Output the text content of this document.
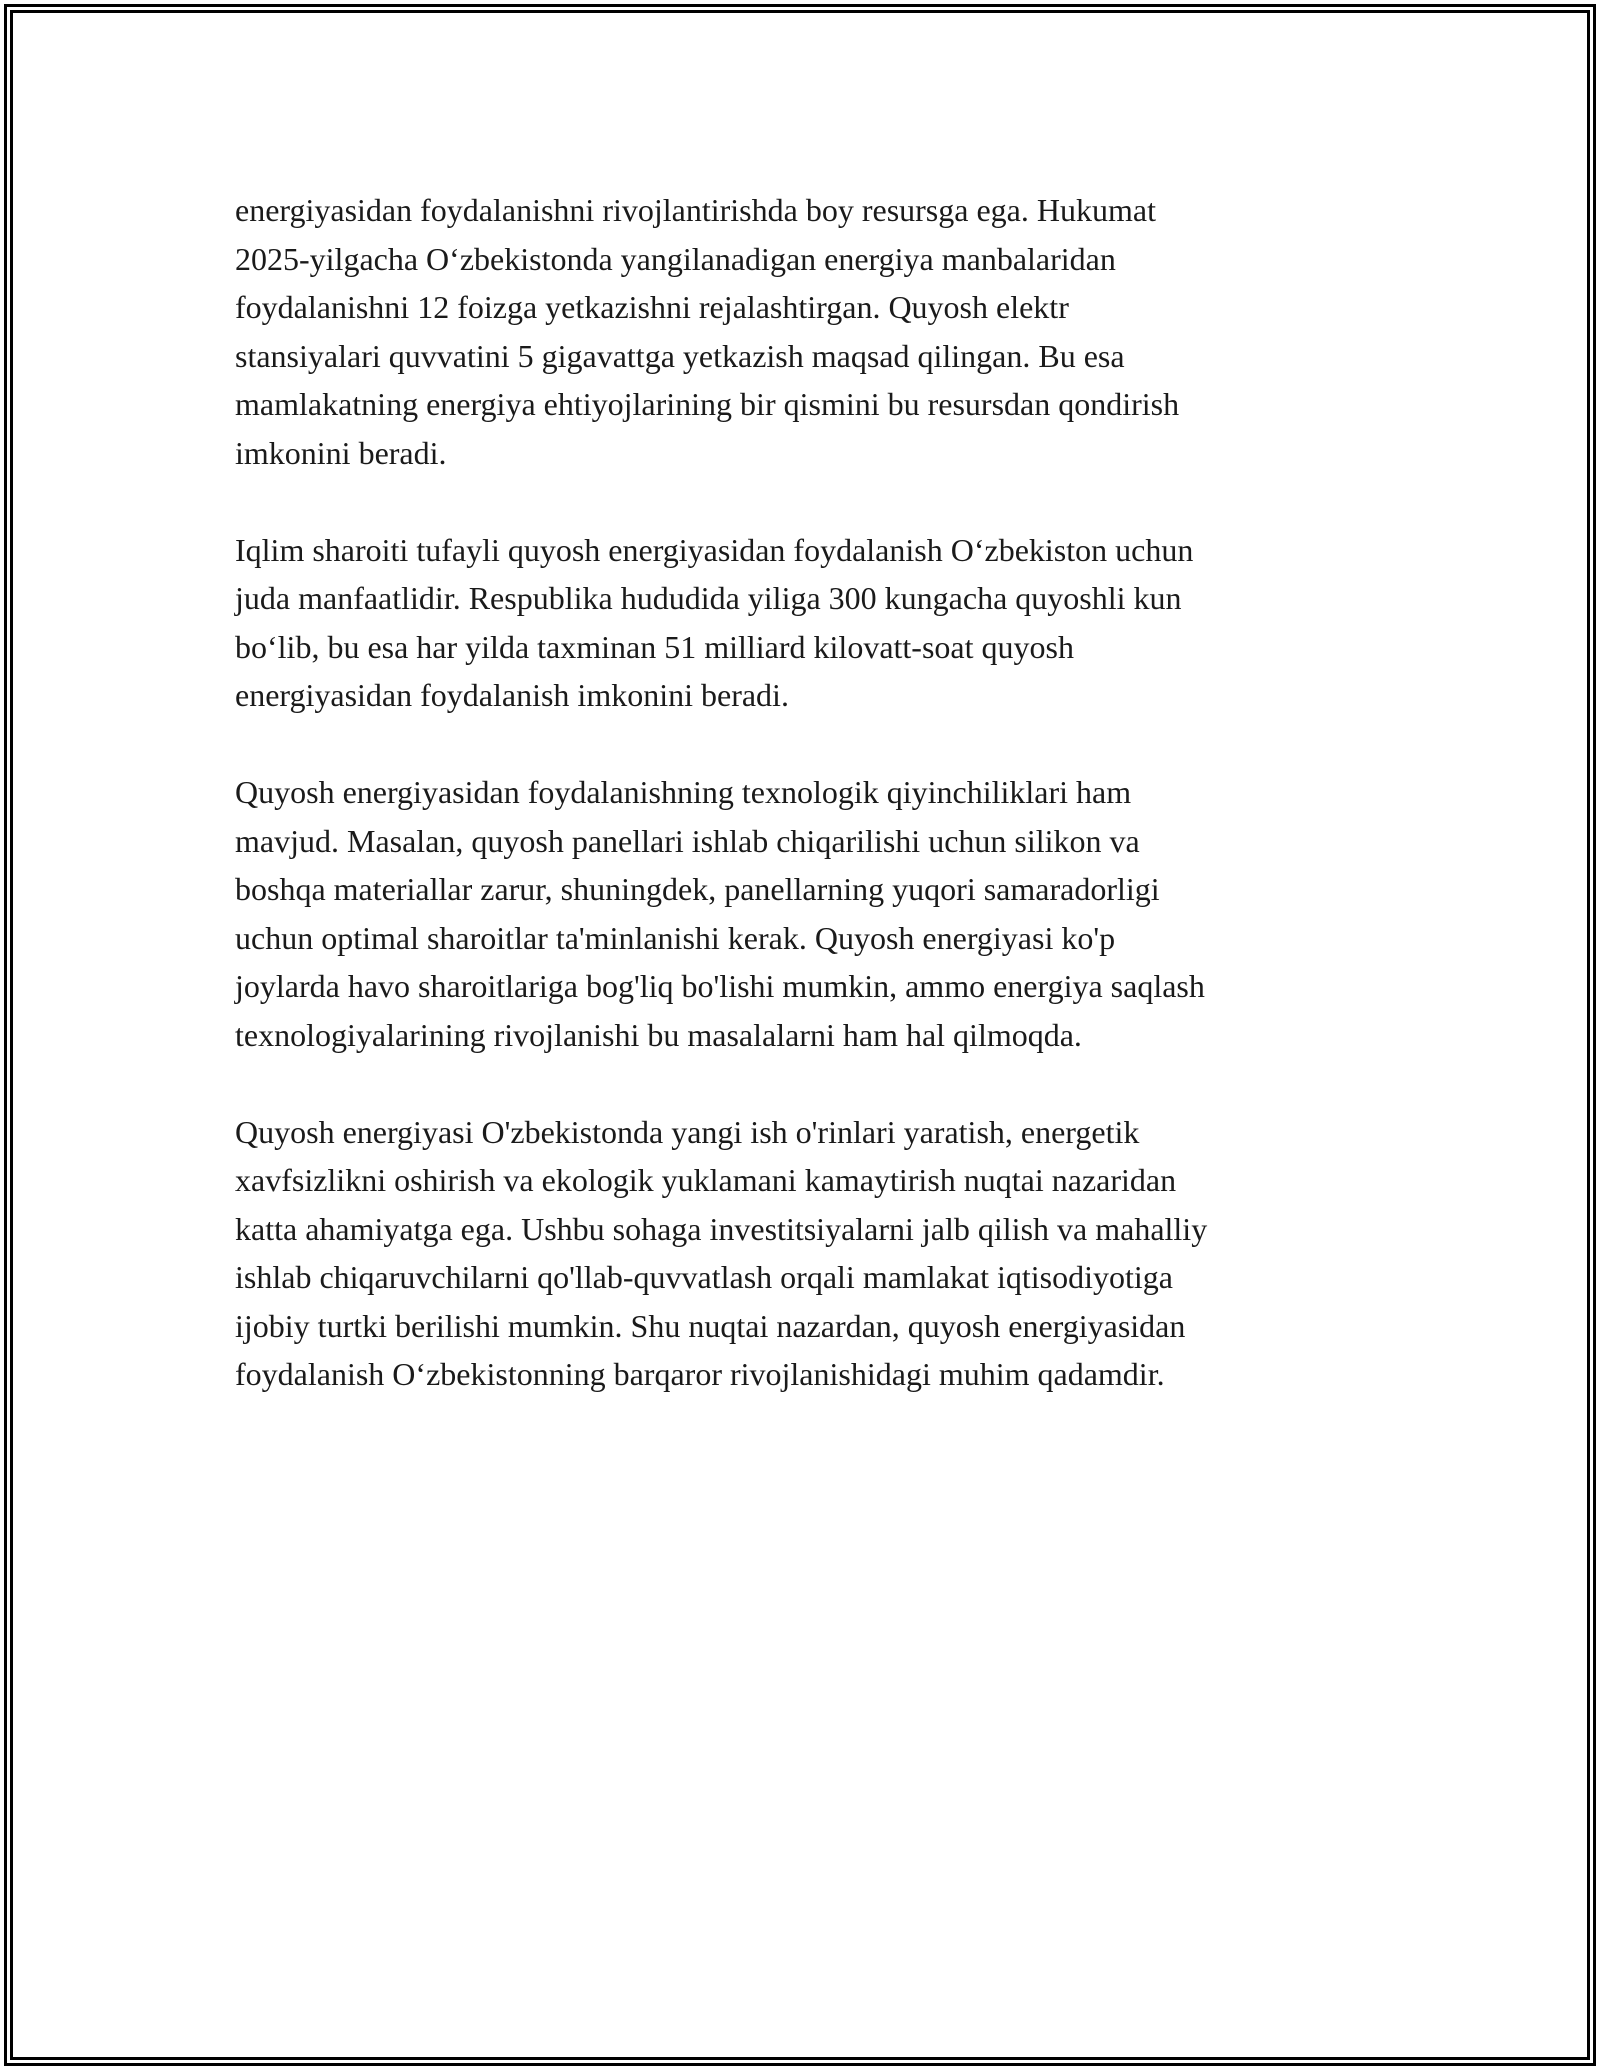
energiyasidan foydalanishni rivojlantirishda boy resursga ega. Hukumat
2025-yilgacha O‘zbekistonda yangilanadigan energiya manbalaridan
foydalanishni 12 foizga yetkazishni rejalashtirgan. Quyosh elektr
stansiyalari quvvatini 5 gigavattga yetkazish maqsad qilingan. Bu esa
mamlakatning energiya ehtiyojlarining bir qismini bu resursdan qondirish
imkonini beradi.

Iqlim sharoiti tufayli quyosh energiyasidan foydalanish O‘zbekiston uchun
juda manfaatlidir. Respublika hududida yiliga 300 kungacha quyoshli kun
bo‘lib, bu esa har yilda taxminan 51 milliard kilovatt-soat quyosh
energiyasidan foydalanish imkonini beradi.

Quyosh energiyasidan foydalanishning texnologik qiyinchiliklari ham
mavjud. Masalan, quyosh panellari ishlab chiqarilishi uchun silikon va
boshqa materiallar zarur, shuningdek, panellarning yuqori samaradorligi
uchun optimal sharoitlar ta'minlanishi kerak. Quyosh energiyasi ko'p
joylarda havo sharoitlariga bog'liq bo'lishi mumkin, ammo energiya saqlash
texnologiyalarining rivojlanishi bu masalalarni ham hal qilmoqda.

Quyosh energiyasi O'zbekistonda yangi ish o'rinlari yaratish, energetik
xavfsizlikni oshirish va ekologik yuklamani kamaytirish nuqtai nazaridan
katta ahamiyatga ega. Ushbu sohaga investitsiyalarni jalb qilish va mahalliy
ishlab chiqaruvchilarni qo'llab-quvvatlash orqali mamlakat iqtisodiyotiga
ijobiy turtki berilishi mumkin. Shu nuqtai nazardan, quyosh energiyasidan
foydalanish O‘zbekistonning barqaror rivojlanishidagi muhim qadamdir.
